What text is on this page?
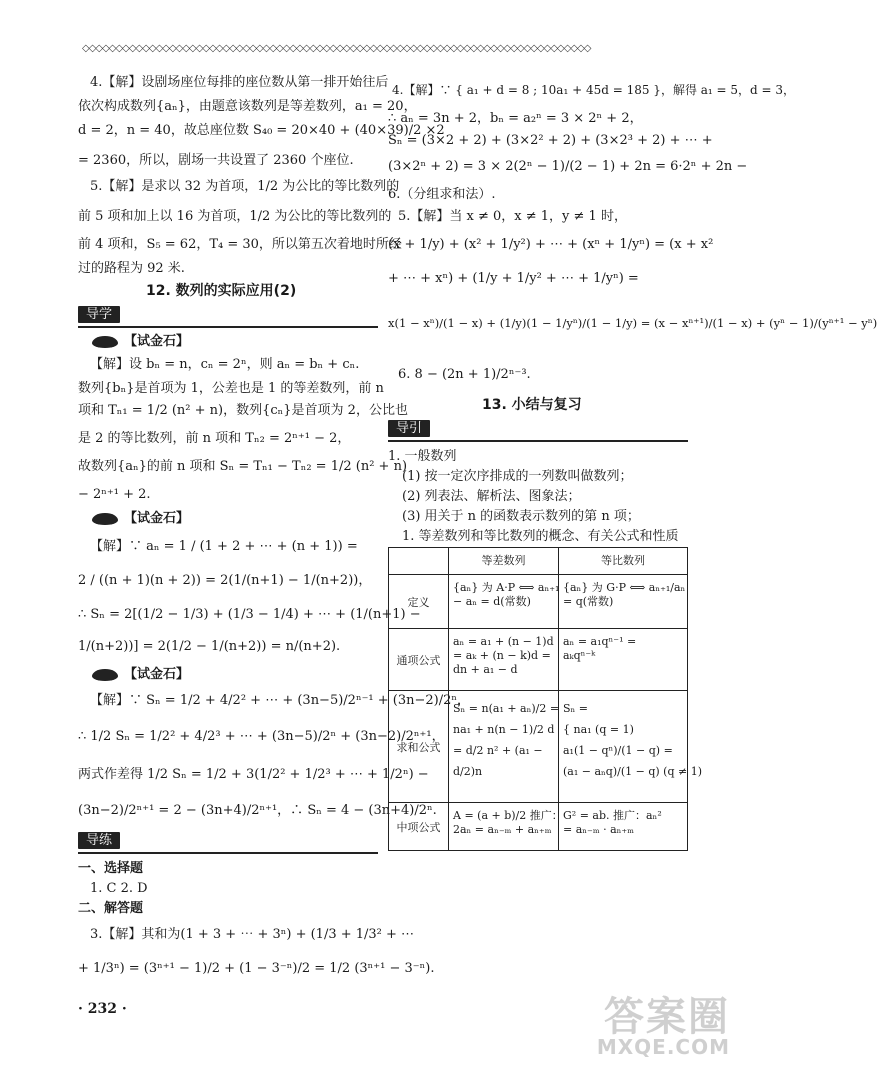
◇◇◇◇◇◇◇◇◇◇◇◇◇◇◇◇◇◇◇◇◇◇◇◇◇◇◇◇◇◇◇◇◇◇◇◇◇◇◇◇◇◇◇◇◇◇◇◇◇◇◇◇◇◇◇◇◇◇◇◇◇◇◇◇◇◇◇◇◇◇◇◇◇◇◇◇
4.【解】设剧场座位每排的座位数从第一排开始往后
依次构成数列{aₙ}，由题意该数列是等差数列，a₁ = 20，
d = 2，n = 40，故总座位数 S₄₀ = 20×40 + (40×39)/2 ×2
= 2360，所以，剧场一共设置了 2360 个座位.
5.【解】是求以 32 为首项，1/2 为公比的等比数列的
前 5 项和加上以 16 为首项，1/2 为公比的等比数列的
前 4 项和，S₅ = 62，T₄ = 30，所以第五次着地时所经
过的路程为 92 米.
12. 数列的实际应用(2)
导学
【试金石】
【解】设 bₙ = n，cₙ = 2ⁿ，则 aₙ = bₙ + cₙ.
数列{bₙ}是首项为 1，公差也是 1 的等差数列，前 n
项和 Tₙ₁ = 1/2 (n² + n)，数列{cₙ}是首项为 2，公比也
是 2 的等比数列，前 n 项和 Tₙ₂ = 2ⁿ⁺¹ − 2，
故数列{aₙ}的前 n 项和 Sₙ = Tₙ₁ − Tₙ₂ = 1/2 (n² + n)
− 2ⁿ⁺¹ + 2.
【试金石】
【解】∵ aₙ = 1 / (1 + 2 + ⋯ + (n + 1)) =
2 / ((n + 1)(n + 2)) = 2(1/(n+1) − 1/(n+2))，
∴ Sₙ = 2[(1/2 − 1/3) + (1/3 − 1/4) + ⋯ + (1/(n+1) −
1/(n+2))] = 2(1/2 − 1/(n+2)) = n/(n+2).
【试金石】
【解】∵ Sₙ = 1/2 + 4/2² + ⋯ + (3n−5)/2ⁿ⁻¹ + (3n−2)/2ⁿ，
∴ 1/2 Sₙ = 1/2² + 4/2³ + ⋯ + (3n−5)/2ⁿ + (3n−2)/2ⁿ⁺¹，
两式作差得 1/2 Sₙ = 1/2 + 3(1/2² + 1/2³ + ⋯ + 1/2ⁿ) −
(3n−2)/2ⁿ⁺¹ = 2 − (3n+4)/2ⁿ⁺¹，∴ Sₙ = 4 − (3n+4)/2ⁿ.
导练
一、选择题
1. C 2. D
二、解答题
3.【解】其和为(1 + 3 + ⋯ + 3ⁿ) + (1/3 + 1/3² + ⋯
+ 1/3ⁿ) = (3ⁿ⁺¹ − 1)/2 + (1 − 3⁻ⁿ)/2 = 1/2 (3ⁿ⁺¹ − 3⁻ⁿ).
4.【解】∵ { a₁ + d = 8 ; 10a₁ + 45d = 185 }，解得 a₁ = 5，d = 3，
∴ aₙ = 3n + 2，bₙ = a₂ⁿ = 3 × 2ⁿ + 2，
Sₙ = (3×2 + 2) + (3×2² + 2) + (3×2³ + 2) + ⋯ +
(3×2ⁿ + 2) = 3 × 2(2ⁿ − 1)/(2 − 1) + 2n = 6·2ⁿ + 2n −
6.（分组求和法）.
5.【解】当 x ≠ 0，x ≠ 1，y ≠ 1 时，
(x + 1/y) + (x² + 1/y²) + ⋯ + (xⁿ + 1/yⁿ) = (x + x²
+ ⋯ + xⁿ) + (1/y + 1/y² + ⋯ + 1/yⁿ) =
x(1 − xⁿ)/(1 − x) + (1/y)(1 − 1/yⁿ)/(1 − 1/y) = (x − xⁿ⁺¹)/(1 − x) + (yⁿ − 1)/(yⁿ⁺¹ − yⁿ)
6. 8 − (2n + 1)/2ⁿ⁻³.
13. 小结与复习
导引
1. 一般数列
(1) 按一定次序排成的一列数叫做数列；
(2) 列表法、解析法、图象法；
(3) 用关于 n 的函数表示数列的第 n 项；
1. 等差数列和等比数列的概念、有关公式和性质
等差数列	等比数列
定义
{aₙ} 为 A·P ⟺ aₙ₊₁
− aₙ = d(常数)
{aₙ} 为 G·P ⟺ aₙ₊₁/aₙ
= q(常数)
通项公式
aₙ = a₁ + (n − 1)d
= aₖ + (n − k)d =
dn + a₁ − d
aₙ = a₁qⁿ⁻¹ =
aₖqⁿ⁻ᵏ
求和公式
Sₙ = n(a₁ + aₙ)/2 =
na₁ + n(n − 1)/2 d
= d/2 n² + (a₁ −
d/2)n
Sₙ =
{ na₁ (q = 1)
a₁(1 − qⁿ)/(1 − q) =
(a₁ − aₙq)/(1 − q) (q ≠ 1)
中项公式
A = (a + b)/2 推广：
2aₙ = aₙ₋ₘ + aₙ₊ₘ
G² = ab. 推广：aₙ²
= aₙ₋ₘ · aₙ₊ₘ
· 232 ·	答案圈
MXQE.COM
